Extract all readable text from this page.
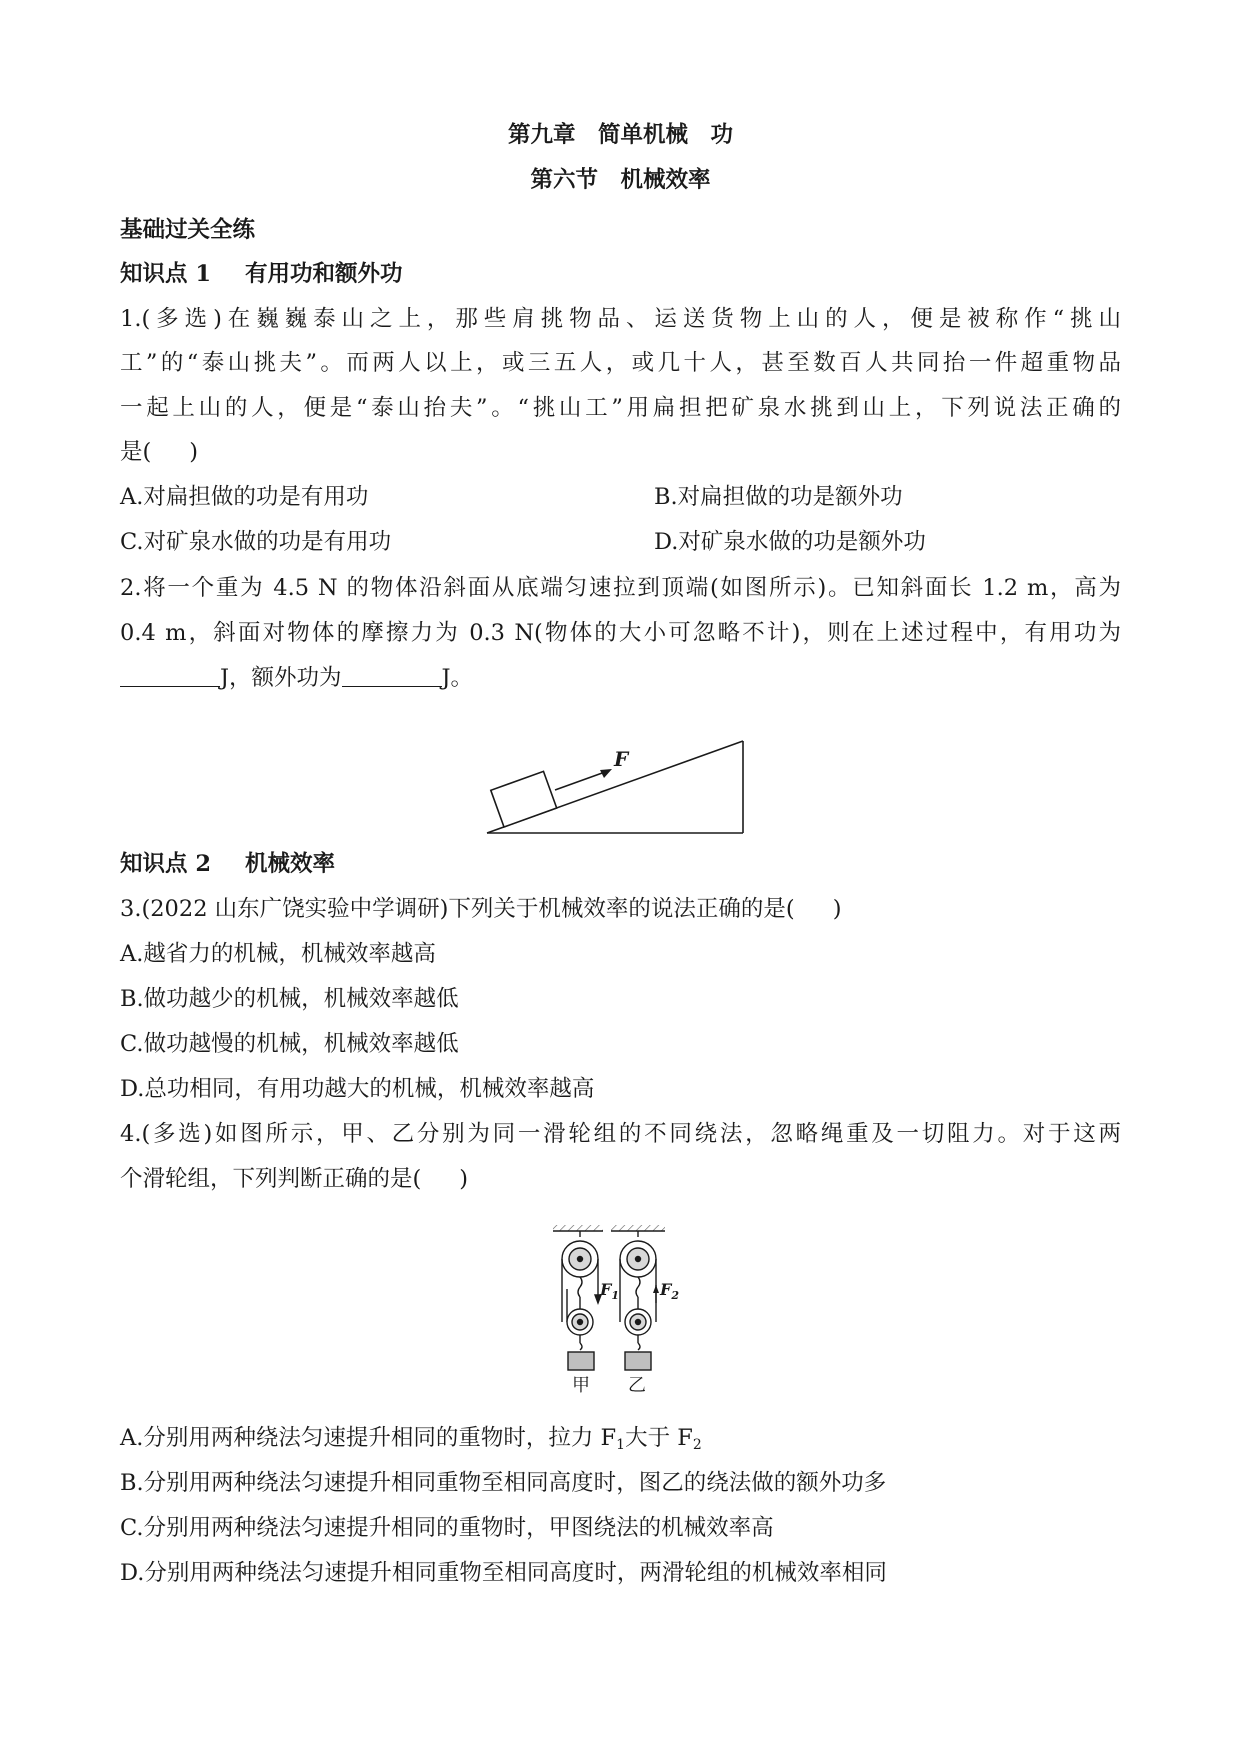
第九章　简单机械　功
第六节　机械效率
基础过关全练
知识点 1 有用功和额外功
1.(多选)在巍巍泰山之上，那些肩挑物品、运送货物上山的人，便是被称作“挑山
工”的“泰山挑夫”。而两人以上，或三五人，或几十人，甚至数百人共同抬一件超重物品
一起上山的人，便是“泰山抬夫”。“挑山工”用扁担把矿泉水挑到山上，下列说法正确的
是( )
A.对扁担做的功是有用功	B.对扁担做的功是额外功
C.对矿泉水做的功是有用功	D.对矿泉水做的功是额外功
2.将一个重为 4.5 N 的物体沿斜面从底端匀速拉到顶端(如图所示)。已知斜面长 1.2 m，高为
0.4 m，斜面对物体的摩擦力为 0.3 N(物体的大小可忽略不计)，则在上述过程中，有用功为
J，额外功为	J。
F
知识点 2 机械效率
3.(2022 山东广饶实验中学调研)下列关于机械效率的说法正确的是( )
A.越省力的机械，机械效率越高
B.做功越少的机械，机械效率越低
C.做功越慢的机械，机械效率越低
D.总功相同，有用功越大的机械，机械效率越高
4.(多选)如图所示，甲、乙分别为同一滑轮组的不同绕法，忽略绳重及一切阻力。对于这两
个滑轮组，下列判断正确的是( )
$F_1$
甲
$F_2$
乙
A.分别用两种绕法匀速提升相同的重物时，拉力 $F_1$大于 $F_2$
B.分别用两种绕法匀速提升相同重物至相同高度时，图乙的绕法做的额外功多
C.分别用两种绕法匀速提升相同的重物时，甲图绕法的机械效率高
D.分别用两种绕法匀速提升相同重物至相同高度时，两滑轮组的机械效率相同
